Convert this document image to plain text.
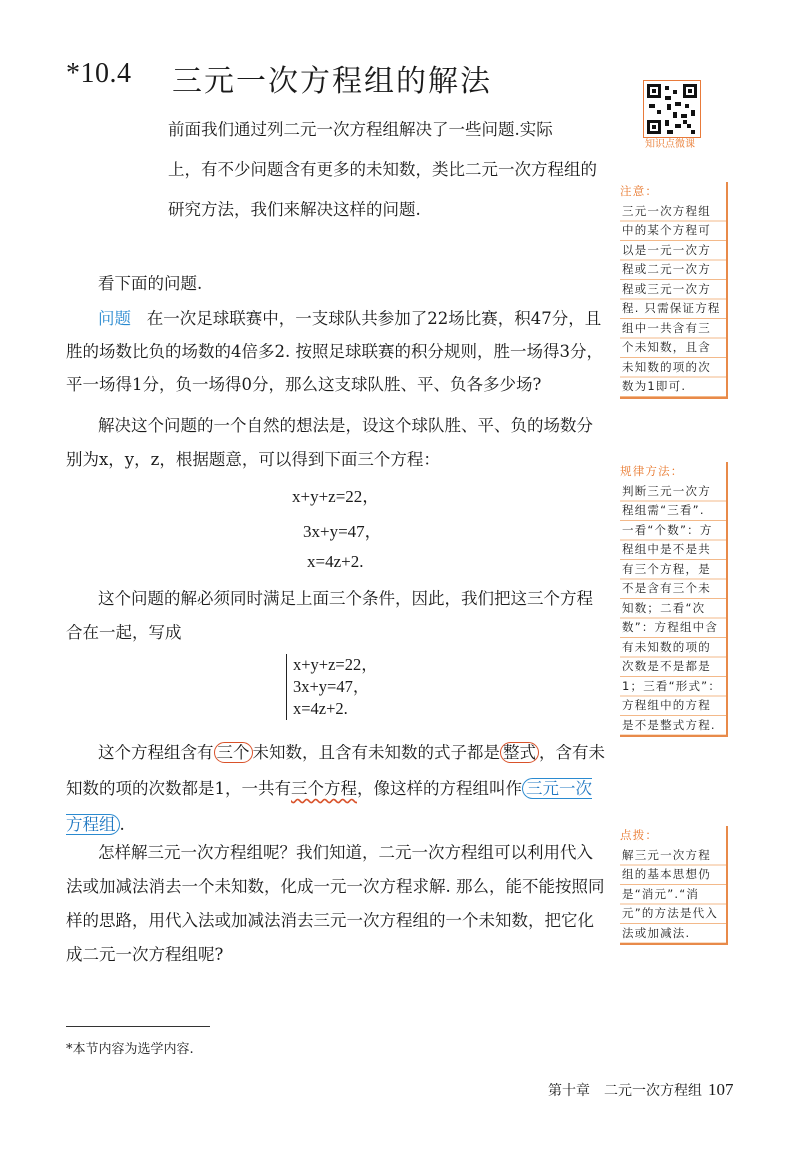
*10.4 三元一次方程组的解法
知识点微课

前面我们通过列二元一次方程组解决了一些问题.实际

上，有不少问题含有更多的未知数，类比二元一次方程组的

研究方法，我们来解决这样的问题.

看下面的问题.
问题 在一次足球联赛中，一支球队共参加了22场比赛，积47分，且胜的场数比负的场数的4倍多2. 按照足球联赛的积分规则，胜一场得3分，平一场得1分，负一场得0分，那么这支球队胜、平、负各多少场?
解决这个问题的一个自然的想法是，设这个球队胜、平、负的场数分别为x，y，z，根据题意，可以得到下面三个方程：
x+y+z=22，
3x+y=47，
x=4z+2.
这个问题的解必须同时满足上面三个条件，因此，我们把这三个方程合在一起，写成
x+y+z=22，
3x+y=47，
x=4z+2.
这个方程组含有 三个 未知数，且含有未知数的式子都是 整式 ，含有未知数的项的次数都是1，一共有三个方程，像这样的方程组叫作 三元一次方程组 .
怎样解三元一次方程组呢？我们知道，二元一次方程组可以利用代入法或加减法消去一个未知数，化成一元一次方程求解. 那么，能不能按照同样的思路，用代入法或加减法消去三元一次方程组的一个未知数，把它化成二元一次方程组呢?
*本节内容为选学内容.
第十章　二元一次方程组 107
注意：
三元一次方程组中的某个方程可以是一元一次方程或二元一次方程或三元一次方程. 只需保证方程组中一共含有三个未知数，且含未知数的项的次数为1即可.
规律方法：
判断三元一次方程组需“三看”. 一看“个数”：方程组中是不是共有三个方程，是不是含有三个未知数；二看“次数”：方程组中含有未知数的项的次数是不是都是1；三看“形式”：方程组中的方程是不是整式方程.
点拨：
解三元一次方程组的基本思想仍是“消元”.“消元”的方法是代入法或加减法.
